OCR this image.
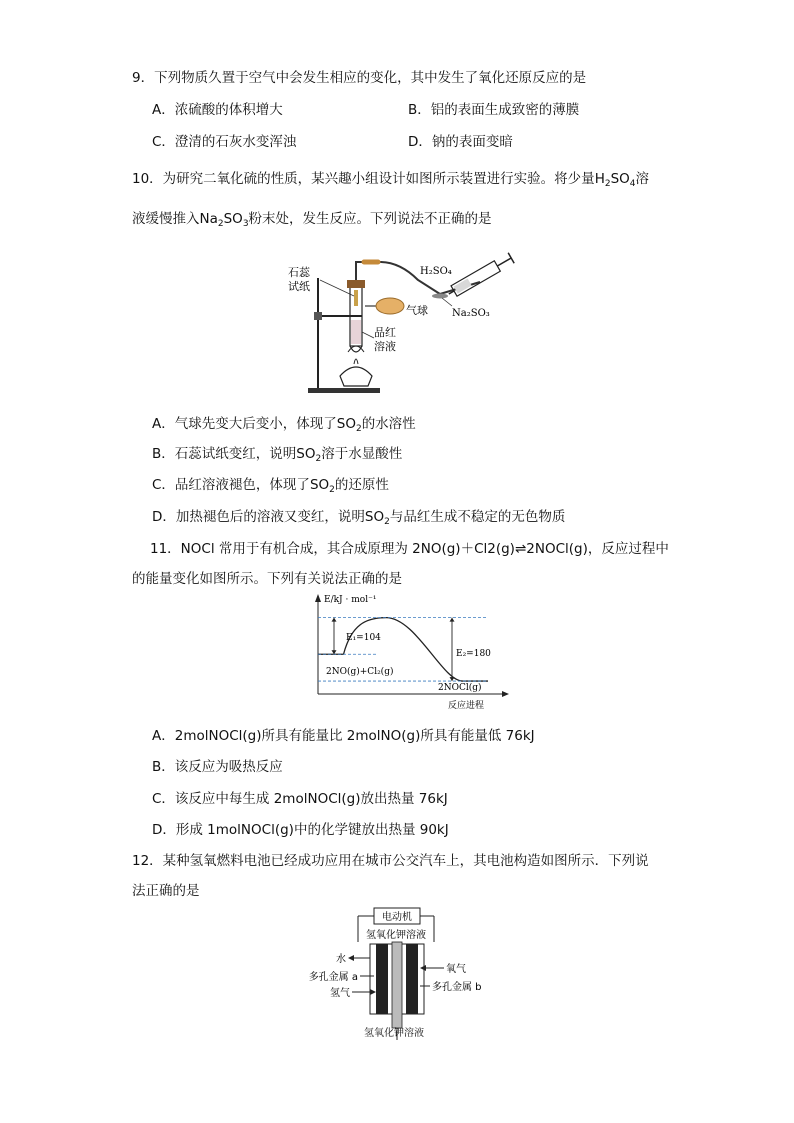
9．下列物质久置于空气中会发生相应的变化，其中发生了氧化还原反应的是
A．浓硫酸的体积增大	B．铝的表面生成致密的薄膜
C．澄清的石灰水变浑浊	D．钠的表面变暗
10．为研究二氧化硫的性质，某兴趣小组设计如图所示装置进行实验。将少量$H_2SO_4$溶
液缓慢推入$Na_2SO_3$粉末处，发生反应。下列说法不正确的是
石蕊
试纸
气球
品红
溶液
H₂SO₄
Na₂SO₃
A．气球先变大后变小，体现了$SO_2$的水溶性
B．石蕊试纸变红，说明$SO_2$溶于水显酸性
C．品红溶液褪色，体现了$SO_2$的还原性
D．加热褪色后的溶液又变红，说明$SO_2$与品红生成不稳定的无色物质
11．NOCl 常用于有机合成，其合成原理为 2NO(g)＋Cl2(g)⇌2NOCl(g)，反应过程中
的能量变化如图所示。下列有关说法正确的是
E/kJ · mol⁻¹
反应进程
E₁=104
E₂=180
2NO(g)+Cl₂(g)
2NOCl(g)
A．2molNOCl(g)所具有能量比 2molNO(g)所具有能量低 76kJ
B．该反应为吸热反应
C．该反应中每生成 2molNOCl(g)放出热量 76kJ
D．形成 1molNOCl(g)中的化学键放出热量 90kJ
12．某种氢氧燃料电池已经成功应用在城市公交汽车上，其电池构造如图所示．下列说
法正确的是
电动机
氢氧化钾溶液
水
多孔金属 a
氢气
氧气
多孔金属 b
氢氧化钾溶液
